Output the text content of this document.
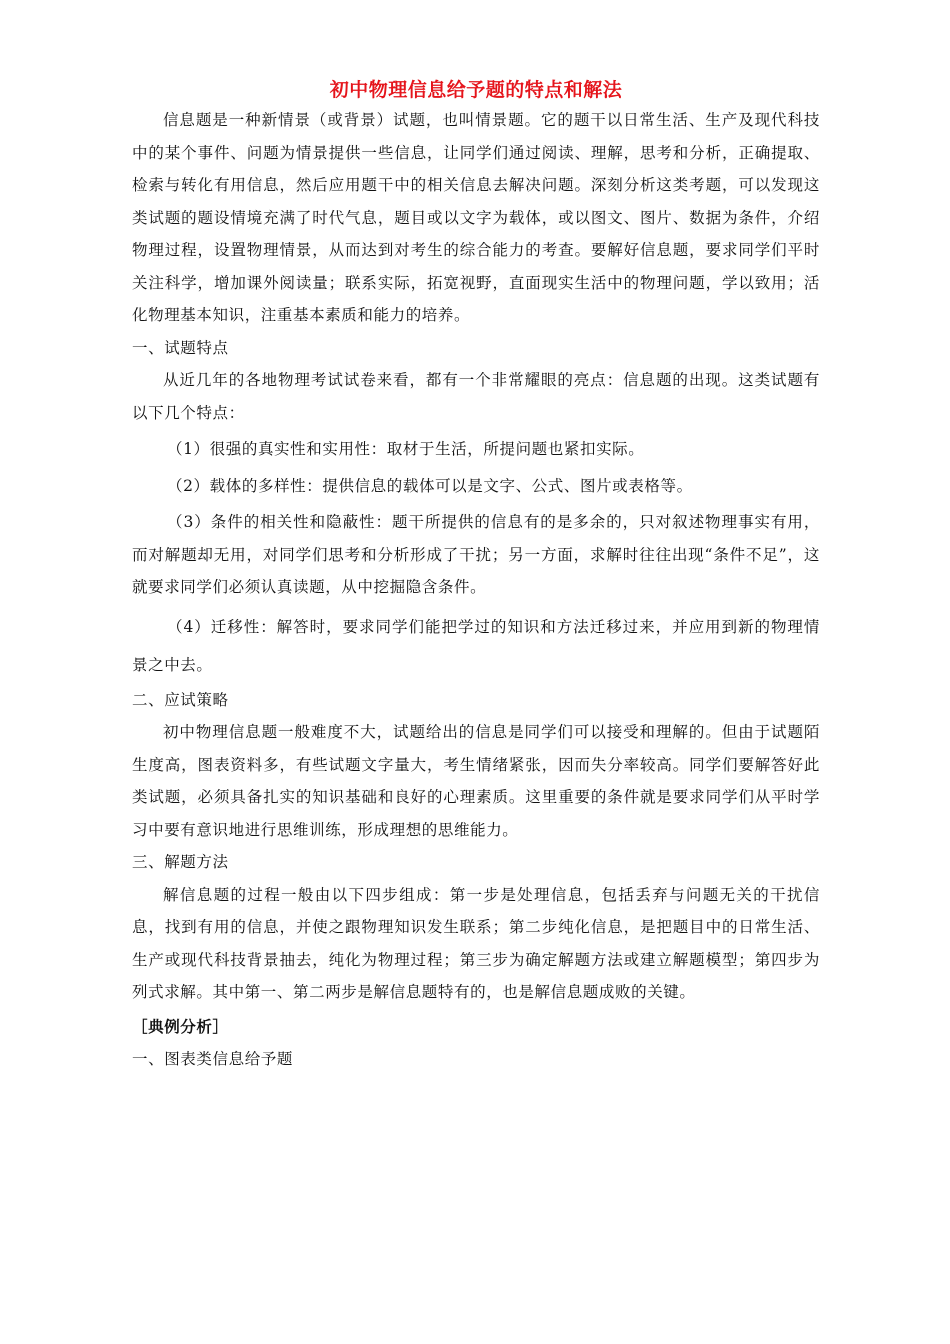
初中物理信息给予题的特点和解法

信息题是一种新情景（或背景）试题，也叫情景题。它的题干以日常生活、生产及现代科技中的某个事件、问题为情景提供一些信息，让同学们通过阅读、理解，思考和分析，正确提取、检索与转化有用信息，然后应用题干中的相关信息去解决问题。深刻分析这类考题，可以发现这类试题的题设情境充满了时代气息，题目或以文字为载体，或以图文、图片、数据为条件，介绍物理过程，设置物理情景，从而达到对考生的综合能力的考查。要解好信息题，要求同学们平时关注科学，增加课外阅读量；联系实际，拓宽视野，直面现实生活中的物理问题，学以致用；活化物理基本知识，注重基本素质和能力的培养。

一、试题特点

从近几年的各地物理考试试卷来看，都有一个非常耀眼的亮点：信息题的出现。这类试题有以下几个特点：

（1）很强的真实性和实用性：取材于生活，所提问题也紧扣实际。

（2）载体的多样性：提供信息的载体可以是文字、公式、图片或表格等。

（3）条件的相关性和隐蔽性：题干所提供的信息有的是多余的，只对叙述物理事实有用，而对解题却无用，对同学们思考和分析形成了干扰；另一方面，求解时往往出现“条件不足”，这就要求同学们必须认真读题，从中挖掘隐含条件。

（4）迁移性：解答时，要求同学们能把学过的知识和方法迁移过来，并应用到新的物理情景之中去。

二、应试策略

初中物理信息题一般难度不大，试题给出的信息是同学们可以接受和理解的。但由于试题陌生度高，图表资料多，有些试题文字量大，考生情绪紧张，因而失分率较高。同学们要解答好此类试题，必须具备扎实的知识基础和良好的心理素质。这里重要的条件就是要求同学们从平时学习中要有意识地进行思维训练，形成理想的思维能力。

三、解题方法

解信息题的过程一般由以下四步组成：第一步是处理信息，包括丢弃与问题无关的干扰信息，找到有用的信息，并使之跟物理知识发生联系；第二步纯化信息，是把题目中的日常生活、生产或现代科技背景抽去，纯化为物理过程；第三步为确定解题方法或建立解题模型；第四步为列式求解。其中第一、第二两步是解信息题特有的，也是解信息题成败的关键。

［典例分析］

一、图表类信息给予题
